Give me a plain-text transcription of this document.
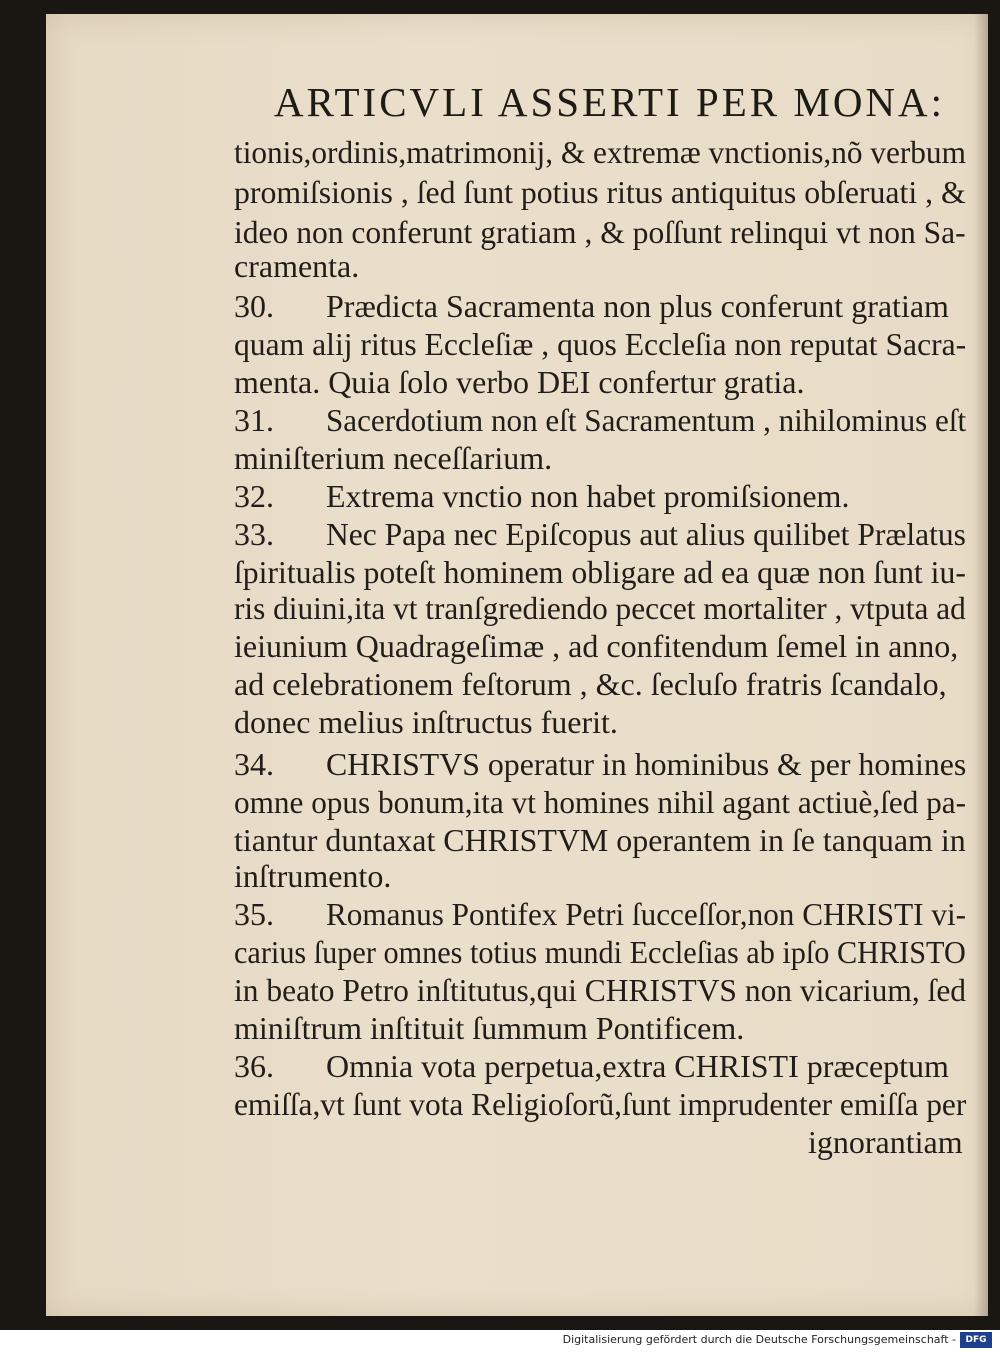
ARTICVLI ASSERTI PER MONA:
tionis,ordinis,matrimonij, & extremæ vnctionis,nõ verbum
promiſsionis , ſed ſunt potius ritus antiquitus obſeruati , &
ideo non conferunt gratiam , & poſſunt relinqui vt non Sa-
cramenta.
30. Prædicta Sacramenta non plus conferunt gratiam
quam alij ritus Eccleſiæ , quos Eccleſia non reputat Sacra-
menta. Quia ſolo verbo DEI confertur gratia.
31. Sacerdotium non eſt Sacramentum , nihilominus eſt
miniſterium neceſſarium.
32. Extrema vnctio non habet promiſsionem.
33. Nec Papa nec Epiſcopus aut alius quilibet Prælatus
ſpiritualis poteſt hominem obligare ad ea quæ non ſunt iu-
ris diuini,ita vt tranſgrediendo peccet mortaliter , vtputa ad
ieiunium Quadrageſimæ , ad confitendum ſemel in anno,
ad celebrationem feſtorum , &c. ſecluſo fratris ſcandalo,
donec melius inſtructus fuerit.
34. CHRISTVS operatur in hominibus & per homines
omne opus bonum,ita vt homines nihil agant actiuè,ſed pa-
tiantur duntaxat CHRISTVM operantem in ſe tanquam in
inſtrumento.
35. Romanus Pontifex Petri ſucceſſor,non CHRISTI vi-
carius ſuper omnes totius mundi Eccleſias ab ipſo CHRISTO
in beato Petro inſtitutus,qui CHRISTVS non vicarium, ſed
miniſtrum inſtituit ſummum Pontificem.
36. Omnia vota perpetua,extra CHRISTI præceptum
emiſſa,vt ſunt vota Religioſorũ,ſunt imprudenter emiſſa per
ignorantiam
Digitalisierung gefördert durch die Deutsche Forschungsgemeinschaft -	DFG
